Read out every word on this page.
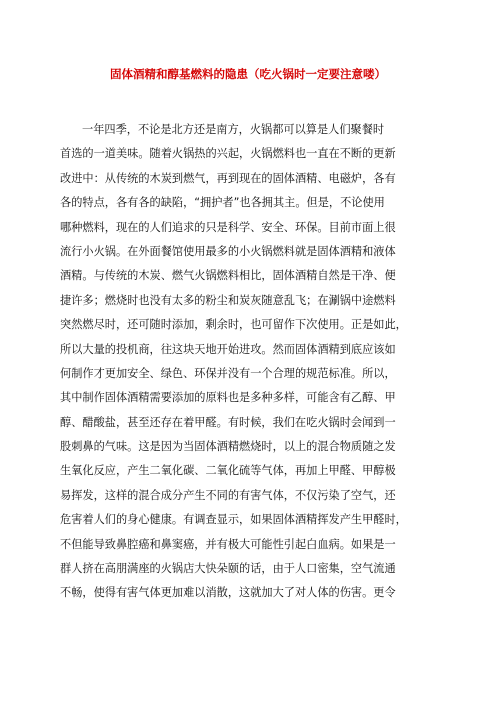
固体酒精和醇基燃料的隐患（吃火锅时一定要注意喽）
一年四季，不论是北方还是南方，火锅都可以算是人们聚餐时
首选的一道美味。随着火锅热的兴起，火锅燃料也一直在不断的更新
改进中：从传统的木炭到燃气，再到现在的固体酒精、电磁炉，各有
各的特点，各有各的缺陷，“拥护者”也各拥其主。但是，不论使用
哪种燃料，现在的人们追求的只是科学、安全、环保。目前市面上很
流行小火锅。在外面餐馆使用最多的小火锅燃料就是固体酒精和液体
酒精。与传统的木炭、燃气火锅燃料相比，固体酒精自然是干净、便
捷许多；燃烧时也没有太多的粉尘和炭灰随意乱飞；在涮锅中途燃料
突然燃尽时，还可随时添加，剩余时，也可留作下次使用。正是如此，
所以大量的投机商，往这块天地开始进攻。然而固体酒精到底应该如
何制作才更加安全、绿色、环保并没有一个合理的规范标准。所以，
其中制作固体酒精需要添加的原料也是多种多样，可能含有乙醇、甲
醇、醋酸盐，甚至还存在着甲醛。有时候，我们在吃火锅时会闻到一
股刺鼻的气味。这是因为当固体酒精燃烧时，以上的混合物质随之发
生氧化反应，产生二氧化碳、二氧化硫等气体，再加上甲醛、甲醇极
易挥发，这样的混合成分产生不同的有害气体，不仅污染了空气，还
危害着人们的身心健康。有调查显示，如果固体酒精挥发产生甲醛时，
不但能导致鼻腔癌和鼻窦癌，并有极大可能性引起白血病。如果是一
群人挤在高朋满座的火锅店大快朵颐的话，由于人口密集，空气流通
不畅，使得有害气体更加难以消散，这就加大了对人体的伤害。更令
